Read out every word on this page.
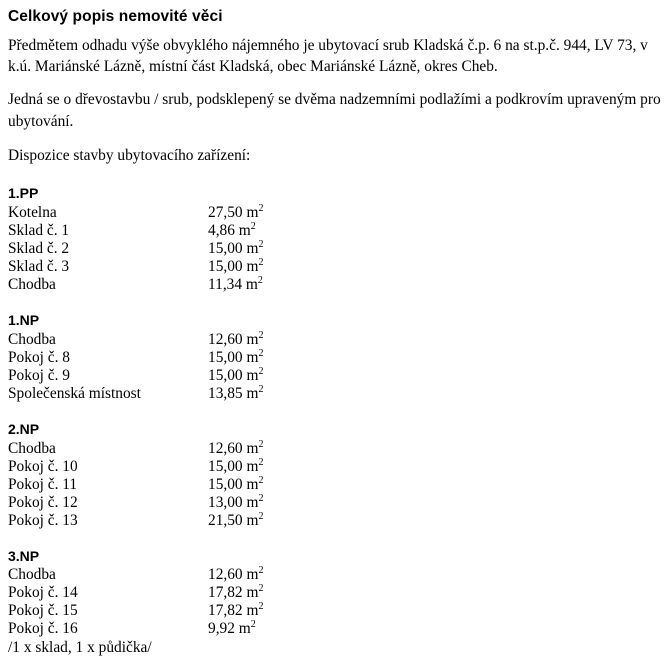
Celkový popis nemovité věci

Předmětem odhadu výše obvyklého nájemného je ubytovací srub Kladská č.p. 6 na st.p.č. 944, LV 73, v k.ú. Mariánské Lázně, místní část Kladská, obec Mariánské Lázně, okres Cheb.

Jedná se o dřevostavbu / srub, podsklepený se dvěma nadzemními podlažími a podkrovím upraveným pro ubytování.

Dispozice stavby ubytovacího zařízení:

1.PP
Kotelna	27,50 $m^2$
Sklad č. 1	4,86 $m^2$
Sklad č. 2	15,00 $m^2$
Sklad č. 3	15,00 $m^2$
Chodba	11,34 $m^2$
1.NP
Chodba	12,60 $m^2$
Pokoj č. 8	15,00 $m^2$
Pokoj č. 9	15,00 $m^2$
Společenská místnost	13,85 $m^2$
2.NP
Chodba	12,60 $m^2$
Pokoj č. 10	15,00 $m^2$
Pokoj č. 11	15,00 $m^2$
Pokoj č. 12	13,00 $m^2$
Pokoj č. 13	21,50 $m^2$
3.NP
Chodba	12,60 $m^2$
Pokoj č. 14	17,82 $m^2$
Pokoj č. 15	17,82 $m^2$
Pokoj č. 16	9,92 $m^2$

/1 x sklad, 1 x půdička/
